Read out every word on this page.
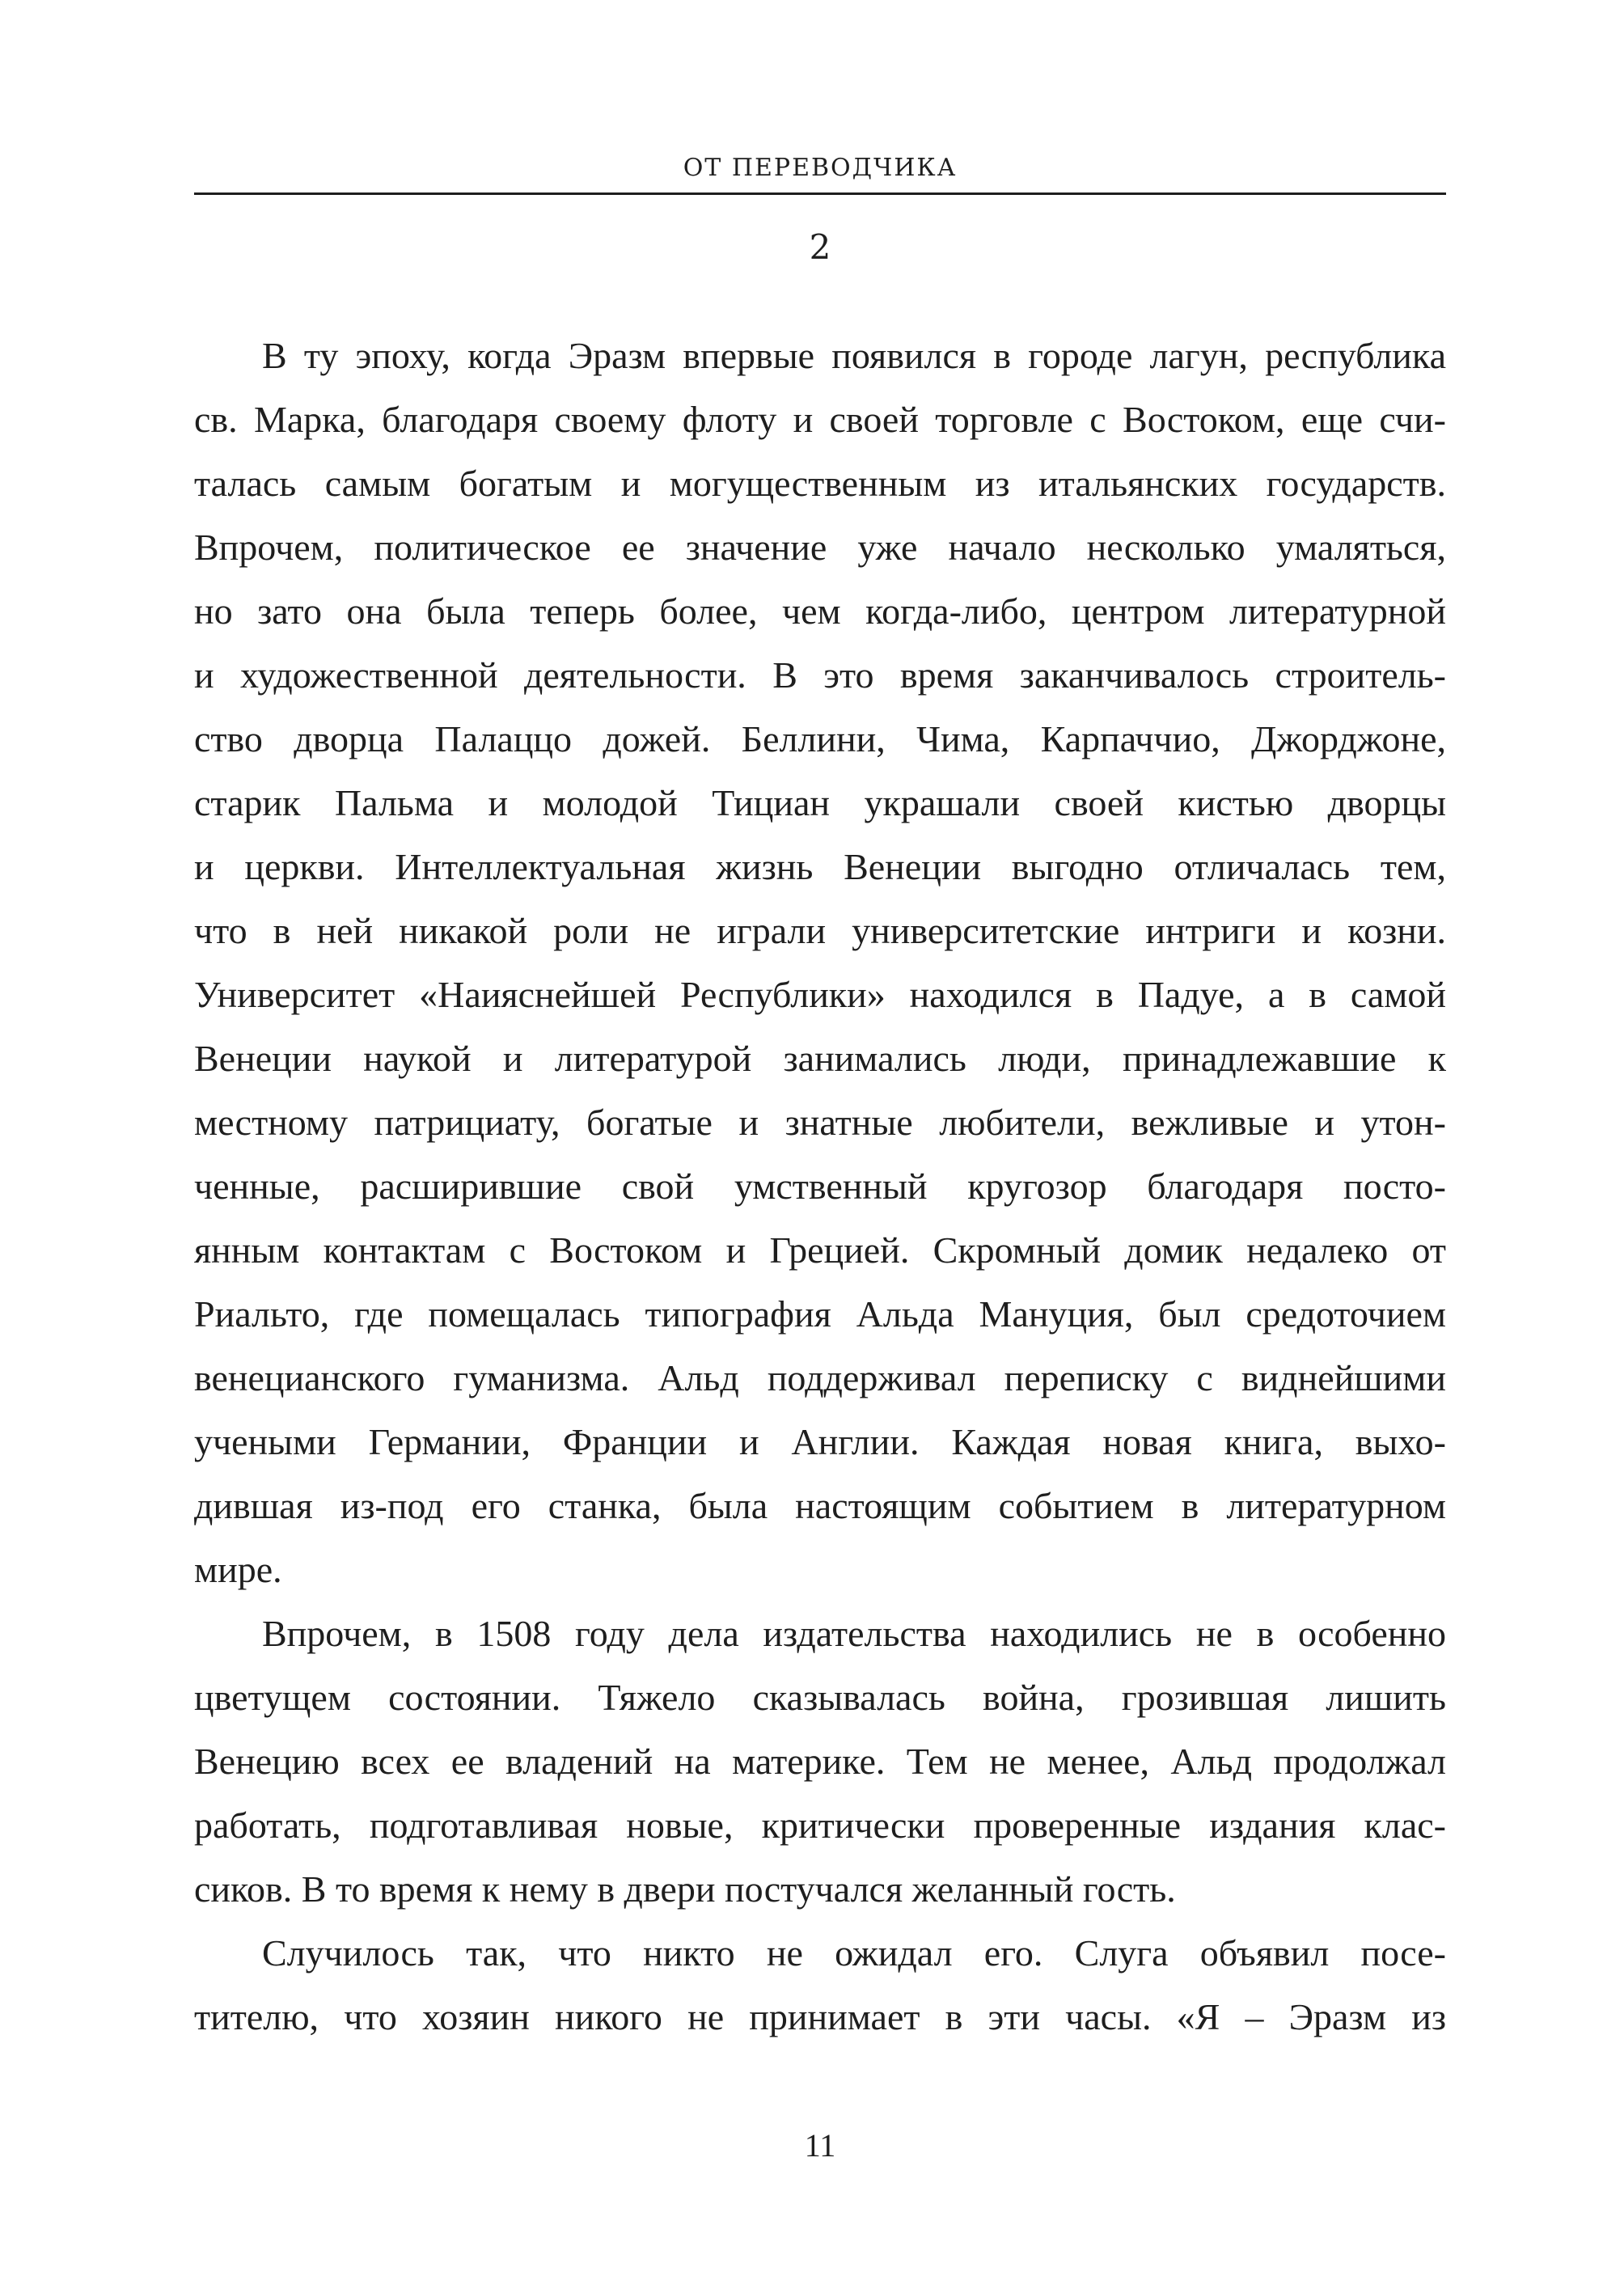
ОТ ПЕРЕВОДЧИКА
2

В ту эпоху, когда Эразм впервые появился в городе лагун, республика
св. Марка, благодаря своему флоту и своей торговле с Востоком, еще счи-
талась самым богатым и могущественным из итальянских государств.
Впрочем, политическое ее значение уже начало несколько умаляться,
но зато она была теперь более, чем когда-либо, центром литературной
и художественной деятельности. В это время заканчивалось строитель-
ство дворца Палаццо дожей. Беллини, Чима, Карпаччио, Джорджоне,
старик Пальма и молодой Тициан украшали своей кистью дворцы
и церкви. Интеллектуальная жизнь Венеции выгодно отличалась тем,
что в ней никакой роли не играли университетские интриги и козни.
Университет «Наияснейшей Республики» находился в Падуе, а в самой
Венеции наукой и литературой занимались люди, принадлежавшие к
местному патрициату, богатые и знатные любители, вежливые и утон-
ченные, расширившие свой умственный кругозор благодаря посто-
янным контактам с Востоком и Грецией. Скромный домик недалеко от
Риальто, где помещалась типография Альда Мануция, был средоточием
венецианского гуманизма. Альд поддерживал переписку с виднейшими
учеными Германии, Франции и Англии. Каждая новая книга, выхо-
дившая из-под его станка, была настоящим событием в литературном
мире.

Впрочем, в 1508 году дела издательства находились не в особенно
цветущем состоянии. Тяжело сказывалась война, грозившая лишить
Венецию всех ее владений на материке. Тем не менее, Альд продолжал
работать, подготавливая новые, критически проверенные издания клас-
сиков. В то время к нему в двери постучался желанный гость.

Случилось так, что никто не ожидал его. Слуга объявил посе-
тителю, что хозяин никого не принимает в эти часы. «Я – Эразм из

11
